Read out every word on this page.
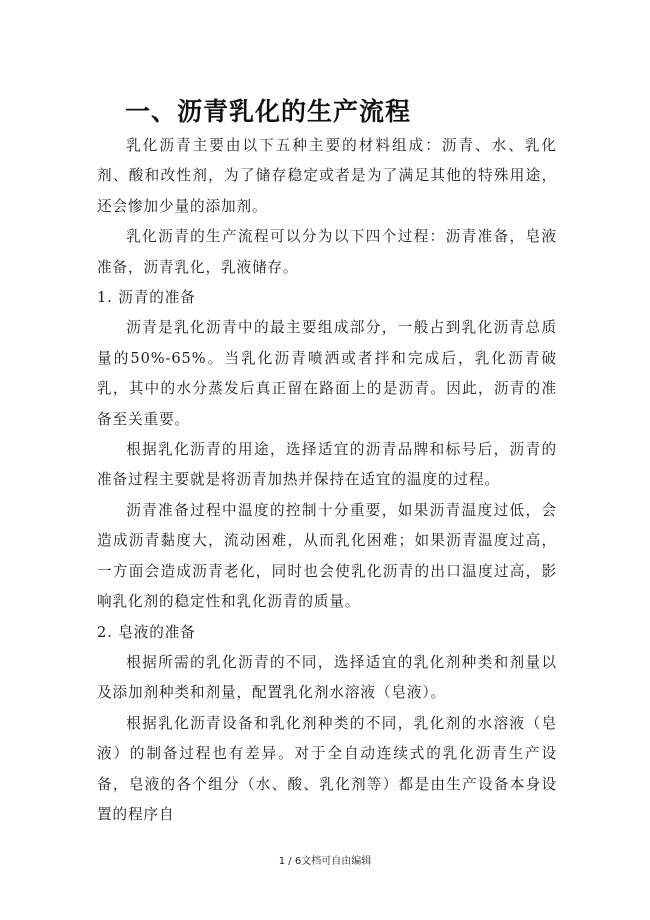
一、沥青乳化的生产流程

乳化沥青主要由以下五种主要的材料组成：沥青、水、乳化剂、酸和改性剂，为了储存稳定或者是为了满足其他的特殊用途，还会惨加少量的添加剂。

乳化沥青的生产流程可以分为以下四个过程：沥青准备，皂液准备，沥青乳化，乳液储存。

1. 沥青的准备

沥青是乳化沥青中的最主要组成部分，一般占到乳化沥青总质量的50%-65%。当乳化沥青喷洒或者拌和完成后，乳化沥青破乳，其中的水分蒸发后真正留在路面上的是沥青。因此，沥青的准备至关重要。

根据乳化沥青的用途，选择适宜的沥青品牌和标号后，沥青的准备过程主要就是将沥青加热并保持在适宜的温度的过程。

沥青准备过程中温度的控制十分重要，如果沥青温度过低，会造成沥青黏度大，流动困难，从而乳化困难；如果沥青温度过高，一方面会造成沥青老化，同时也会使乳化沥青的出口温度过高，影响乳化剂的稳定性和乳化沥青的质量。

2. 皂液的准备

根据所需的乳化沥青的不同，选择适宜的乳化剂种类和剂量以及添加剂种类和剂量，配置乳化剂水溶液（皂液）。

根据乳化沥青设备和乳化剂种类的不同，乳化剂的水溶液（皂液）的制备过程也有差异。对于全自动连续式的乳化沥青生产设备，皂液的各个组分（水、酸、乳化剂等）都是由生产设备本身设置的程序自

1 / 6文档可自由编辑
